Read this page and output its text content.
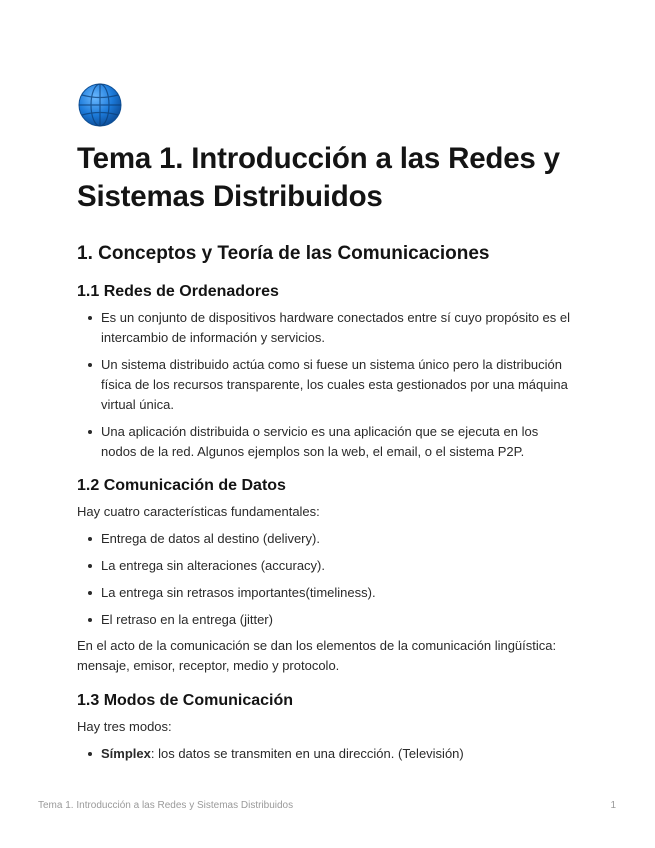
Tema 1. Introducción a las Redes y Sistemas Distribuidos
1. Conceptos y Teoría de las Comunicaciones
1.1 Redes de Ordenadores
Es un conjunto de dispositivos hardware conectados entre sí cuyo propósito es el intercambio de información y servicios.
Un sistema distribuido actúa como si fuese un sistema único pero la distribución física de los recursos transparente, los cuales esta gestionados por una máquina virtual única.
Una aplicación distribuida o servicio es una aplicación que se ejecuta en los nodos de la red. Algunos ejemplos son la web, el email, o el sistema P2P.
1.2 Comunicación de Datos

Hay cuatro características fundamentales:

Entrega de datos al destino (delivery).
La entrega sin alteraciones (accuracy).
La entrega sin retrasos importantes(timeliness).
El retraso en la entrega (jitter)

En el acto de la comunicación se dan los elementos de la comunicación lingüística: mensaje, emisor, receptor, medio y protocolo.

1.3 Modos de Comunicación

Hay tres modos:

Símplex: los datos se transmiten en una dirección. (Televisión)
Tema 1. Introducción a las Redes y Sistemas Distribuidos	1
